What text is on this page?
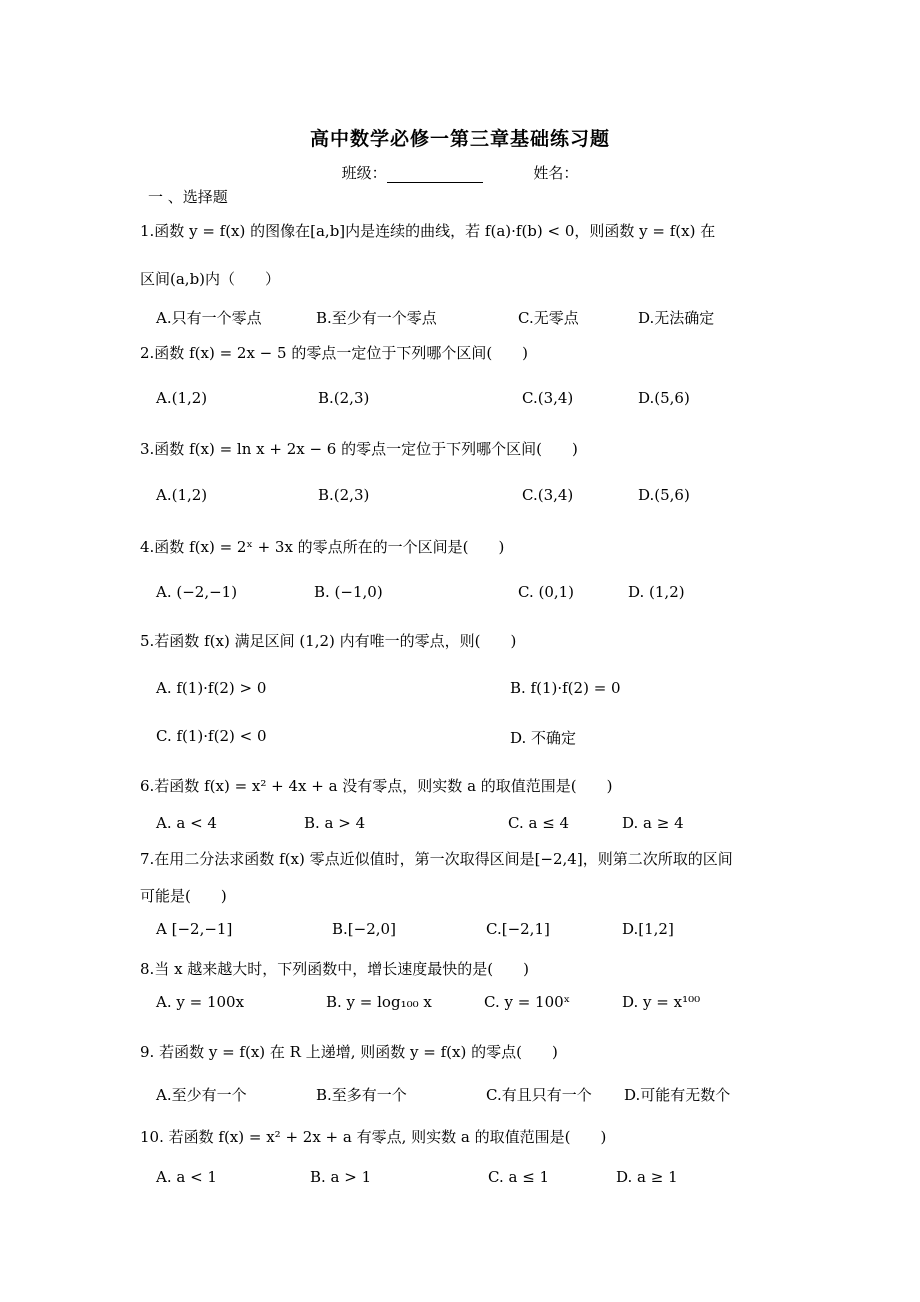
高中数学必修一第三章基础练习题
班级：	姓名：
一 、选择题
1.函数 y = f(x) 的图像在[a,b]内是连续的曲线，若 f(a)·f(b) < 0，则函数 y = f(x) 在
区间(a,b)内（　　）
A.只有一个零点	B.至少有一个零点	C.无零点	D.无法确定
2.函数 f(x) = 2x − 5 的零点一定位于下列哪个区间(　　)
A.(1,2)	B.(2,3)	C.(3,4)	D.(5,6)
3.函数 f(x) = ln x + 2x − 6 的零点一定位于下列哪个区间(　　)
A.(1,2)	B.(2,3)	C.(3,4)	D.(5,6)
4.函数 f(x) = 2ˣ + 3x 的零点所在的一个区间是(　　)
A. (−2,−1)	B. (−1,0)	C. (0,1)	D. (1,2)
5.若函数 f(x) 满足区间 (1,2) 内有唯一的零点，则(　　)
A. f(1)·f(2) > 0	B. f(1)·f(2) = 0
C. f(1)·f(2) < 0	D. 不确定
6.若函数 f(x) = x² + 4x + a 没有零点，则实数 a 的取值范围是(　　)
A. a < 4	B. a > 4	C. a ≤ 4	D. a ≥ 4
7.在用二分法求函数 f(x) 零点近似值时，第一次取得区间是[−2,4]，则第二次所取的区间
可能是(　　)
A [−2,−1]	B.[−2,0]	C.[−2,1]	D.[1,2]
8.当 x 越来越大时，下列函数中，增长速度最快的是(　　)
A. y = 100x	B. y = log₁₀₀ x	C. y = 100ˣ	D. y = x¹⁰⁰
9. 若函数 y = f(x) 在 R 上递增, 则函数 y = f(x) 的零点(　　)
A.至少有一个	B.至多有一个	C.有且只有一个 D.可能有无数个
10. 若函数 f(x) = x² + 2x + a 有零点, 则实数 a 的取值范围是(　　)
A. a < 1	B. a > 1	C. a ≤ 1	D. a ≥ 1
